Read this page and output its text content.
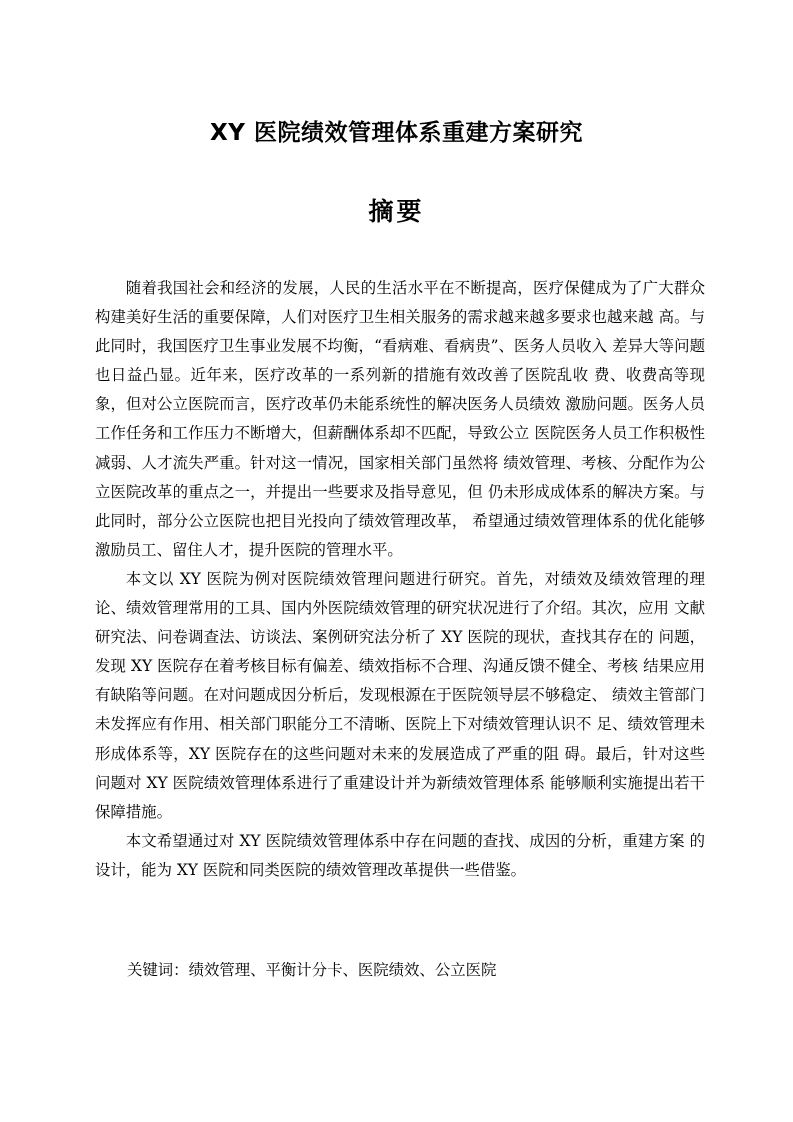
XY 医院绩效管理体系重建方案研究
摘要

随着我国社会和经济的发展，人民的生活水平在不断提高，医疗保健成为了广大群众构建美好生活的重要保障，人们对医疗卫生相关服务的需求越来越多要求也越来越 高。与此同时，我国医疗卫生事业发展不均衡，“看病难、看病贵”、医务人员收入 差异大等问题也日益凸显。近年来，医疗改革的一系列新的措施有效改善了医院乱收 费、收费高等现象，但对公立医院而言，医疗改革仍未能系统性的解决医务人员绩效 激励问题。医务人员工作任务和工作压力不断增大，但薪酬体系却不匹配，导致公立 医院医务人员工作积极性减弱、人才流失严重。针对这一情况，国家相关部门虽然将 绩效管理、考核、分配作为公立医院改革的重点之一，并提出一些要求及指导意见，但 仍未形成成体系的解决方案。与此同时，部分公立医院也把目光投向了绩效管理改革， 希望通过绩效管理体系的优化能够激励员工、留住人才，提升医院的管理水平。

本文以 XY 医院为例对医院绩效管理问题进行研究。首先，对绩效及绩效管理的理 论、绩效管理常用的工具、国内外医院绩效管理的研究状况进行了介绍。其次，应用 文献研究法、问卷调查法、访谈法、案例研究法分析了 XY 医院的现状，查找其存在的 问题，发现 XY 医院存在着考核目标有偏差、绩效指标不合理、沟通反馈不健全、考核 结果应用有缺陷等问题。在对问题成因分析后，发现根源在于医院领导层不够稳定、 绩效主管部门未发挥应有作用、相关部门职能分工不清晰、医院上下对绩效管理认识不 足、绩效管理未形成体系等，XY 医院存在的这些问题对未来的发展造成了严重的阻 碍。最后，针对这些问题对 XY 医院绩效管理体系进行了重建设计并为新绩效管理体系 能够顺利实施提出若干保障措施。

本文希望通过对 XY 医院绩效管理体系中存在问题的查找、成因的分析，重建方案 的设计，能为 XY 医院和同类医院的绩效管理改革提供一些借鉴。

关键词：绩效管理、平衡计分卡、医院绩效、公立医院
